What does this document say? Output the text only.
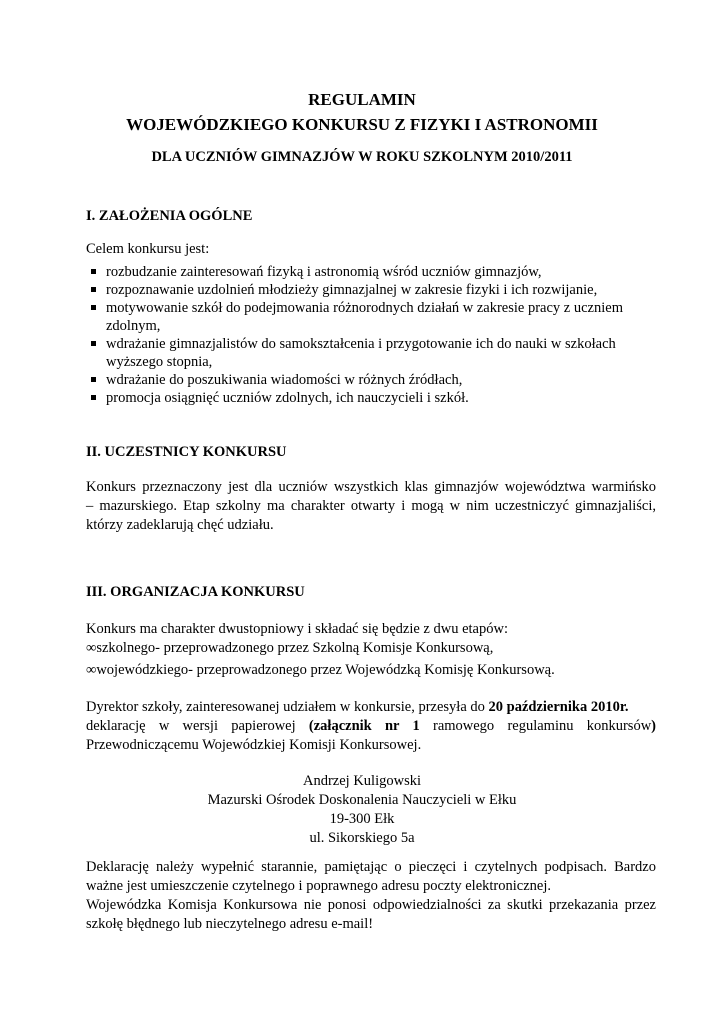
REGULAMIN
WOJEWÓDZKIEGO KONKURSU Z FIZYKI I ASTRONOMII
DLA UCZNIÓW GIMNAZJÓW W ROKU SZKOLNYM 2010/2011
I. ZAŁOŻENIA OGÓLNE
Celem konkursu jest:
rozbudzanie zainteresowań fizyką i astronomią wśród uczniów gimnazjów,
rozpoznawanie uzdolnień młodzieży gimnazjalnej w zakresie fizyki i ich rozwijanie,
motywowanie szkół do podejmowania różnorodnych działań w zakresie pracy z uczniem zdolnym,
wdrażanie gimnazjalistów do samokształcenia i przygotowanie ich do nauki w szkołach wyższego stopnia,
wdrażanie do poszukiwania wiadomości w różnych źródłach,
promocja osiągnięć uczniów zdolnych, ich nauczycieli i szkół.
II. UCZESTNICY KONKURSU
Konkurs przeznaczony jest dla uczniów wszystkich klas gimnazjów województwa warmińsko
– mazurskiego. Etap szkolny ma charakter otwarty i mogą w nim uczestniczyć gimnazjaliści,
którzy zadeklarują chęć udziału.
III. ORGANIZACJA KONKURSU
Konkurs ma charakter dwustopniowy i składać się będzie z dwu etapów:
∞szkolnego- przeprowadzonego przez Szkolną Komisje Konkursową,
∞wojewódzkiego- przeprowadzonego przez Wojewódzką Komisję Konkursową.
Dyrektor szkoły, zainteresowanej udziałem w konkursie, przesyła do 20 października 2010r.
deklarację w wersji papierowej (załącznik nr 1 ramowego regulaminu konkursów)
Przewodniczącemu Wojewódzkiej Komisji Konkursowej.
Andrzej Kuligowski
Mazurski Ośrodek Doskonalenia Nauczycieli w Ełku
19-300 Ełk
ul. Sikorskiego 5a
Deklarację należy wypełnić starannie, pamiętając o pieczęci i czytelnych podpisach. Bardzo
ważne jest umieszczenie czytelnego i poprawnego adresu poczty elektronicznej.
Wojewódzka Komisja Konkursowa nie ponosi odpowiedzialności za skutki przekazania przez
szkołę błędnego lub nieczytelnego adresu e-mail!
